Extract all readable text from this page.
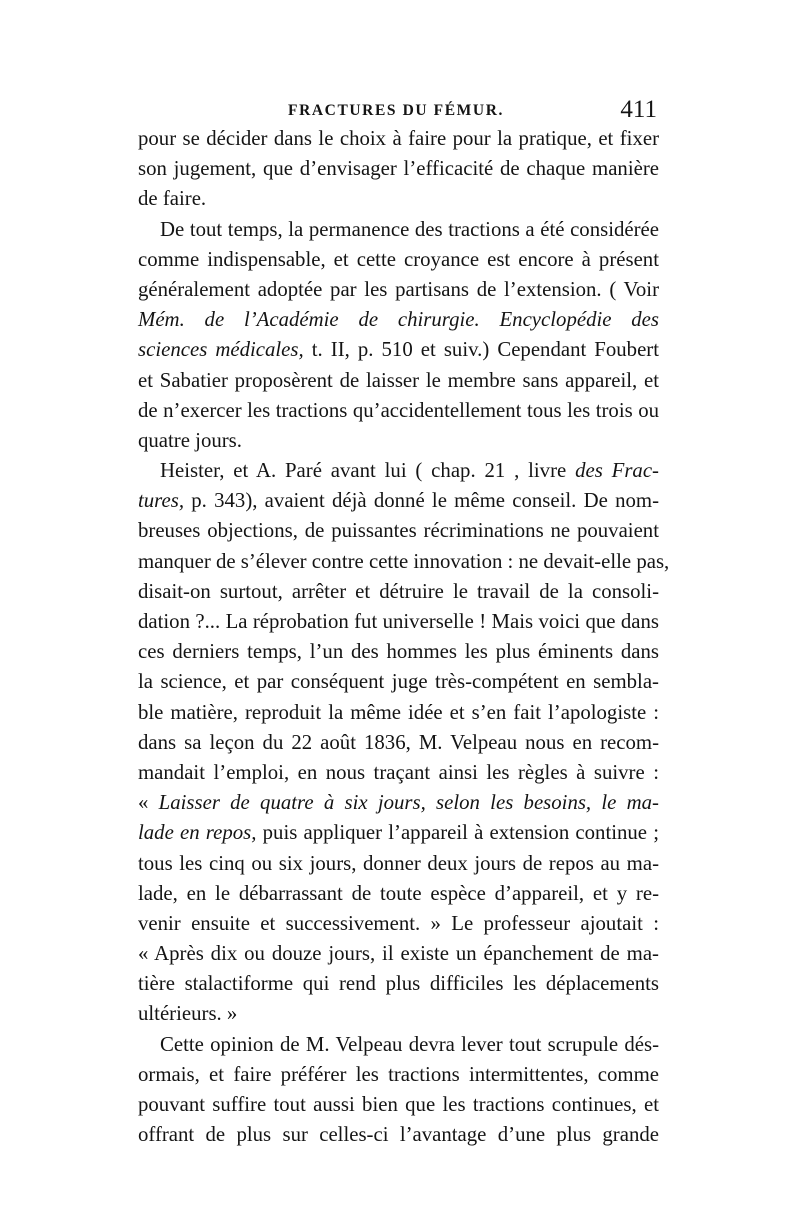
FRACTURES DU FÉMUR.	411
pour se décider dans le choix à faire pour la pratique, et fixer
son jugement, que d’envisager l’efficacité de chaque manière
de faire.
De tout temps, la permanence des tractions a été considérée
comme indispensable, et cette croyance est encore à présent
généralement adoptée par les partisans de l’extension. ( Voir
Mém. de l’Académie de chirurgie. Encyclopédie des
sciences médicales, t. II, p. 510 et suiv.) Cependant Foubert
et Sabatier proposèrent de laisser le membre sans appareil, et
de n’exercer les tractions qu’accidentellement tous les trois ou
quatre jours.
Heister, et A. Paré avant lui ( chap. 21 , livre des Frac-
tures, p. 343), avaient déjà donné le même conseil. De nom-
breuses objections, de puissantes récriminations ne pouvaient
manquer de s’élever contre cette innovation : ne devait-elle pas,
disait-on surtout, arrêter et détruire le travail de la consoli-
dation ?... La réprobation fut universelle ! Mais voici que dans
ces derniers temps, l’un des hommes les plus éminents dans
la science, et par conséquent juge très-compétent en sembla-
ble matière, reproduit la même idée et s’en fait l’apologiste :
dans sa leçon du 22 août 1836, M. Velpeau nous en recom-
mandait l’emploi, en nous traçant ainsi les règles à suivre :
« Laisser de quatre à six jours, selon les besoins, le ma-
lade en repos, puis appliquer l’appareil à extension continue ;
tous les cinq ou six jours, donner deux jours de repos au ma-
lade, en le débarrassant de toute espèce d’appareil, et y re-
venir ensuite et successivement. » Le professeur ajoutait :
« Après dix ou douze jours, il existe un épanchement de ma-
tière stalactiforme qui rend plus difficiles les déplacements
ultérieurs. »
Cette opinion de M. Velpeau devra lever tout scrupule dés-
ormais, et faire préférer les tractions intermittentes, comme
pouvant suffire tout aussi bien que les tractions continues, et
offrant de plus sur celles-ci l’avantage d’une plus grande
